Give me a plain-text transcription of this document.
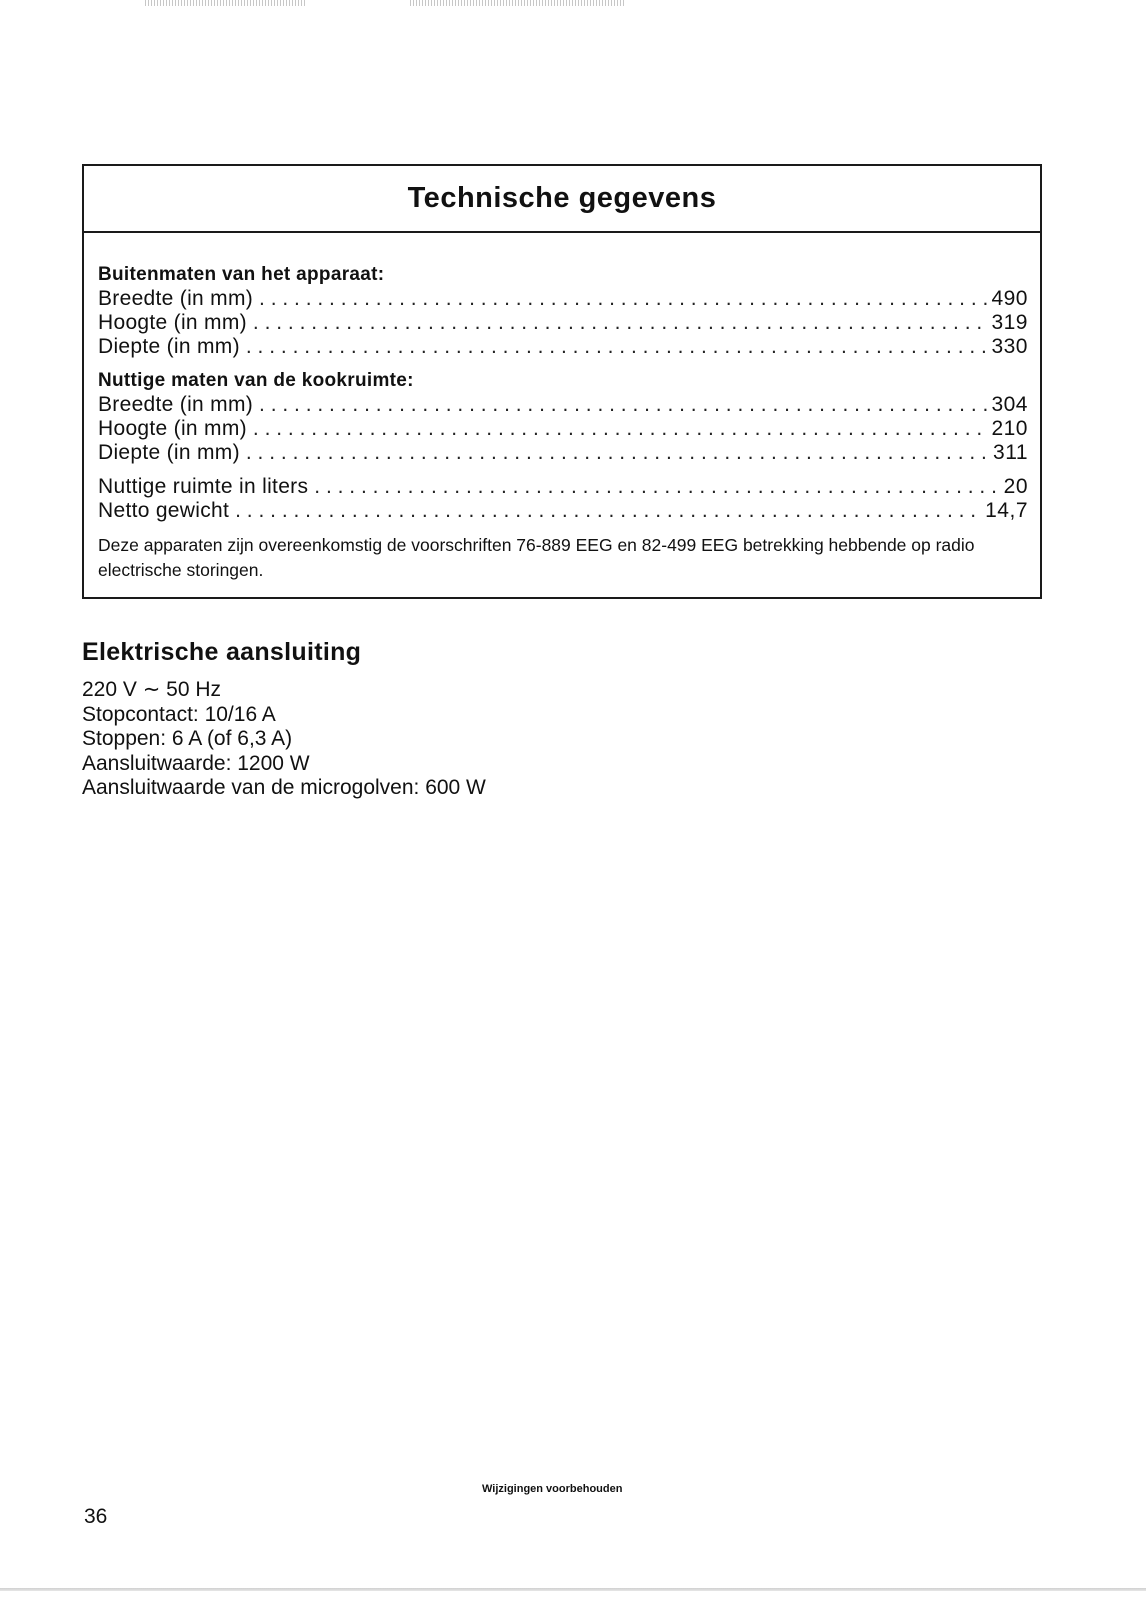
Technische gegevens
Buitenmaten van het apparaat:
Breedte (in mm) . . .	490
Hoogte (in mm) . . .	319
Diepte (in mm) . . .	330
Nuttige maten van de kookruimte:
Breedte (in mm) . . .	304
Hoogte (in mm) . . .	210
Diepte (in mm) . . .	311
Nuttige ruimte in liters . . .	20
Netto gewicht . . .	14,7
Deze apparaten zijn overeenkomstig de voorschriften 76-889 EEG en 82-499 EEG betrekking hebbende op radio electrische storingen.
Elektrische aansluiting
220 V ∼ 50 Hz
Stopcontact: 10/16 A
Stoppen: 6 A (of 6,3 A)
Aansluitwaarde: 1200 W
Aansluitwaarde van de microgolven: 600 W
Wijzigingen voorbehouden
36
